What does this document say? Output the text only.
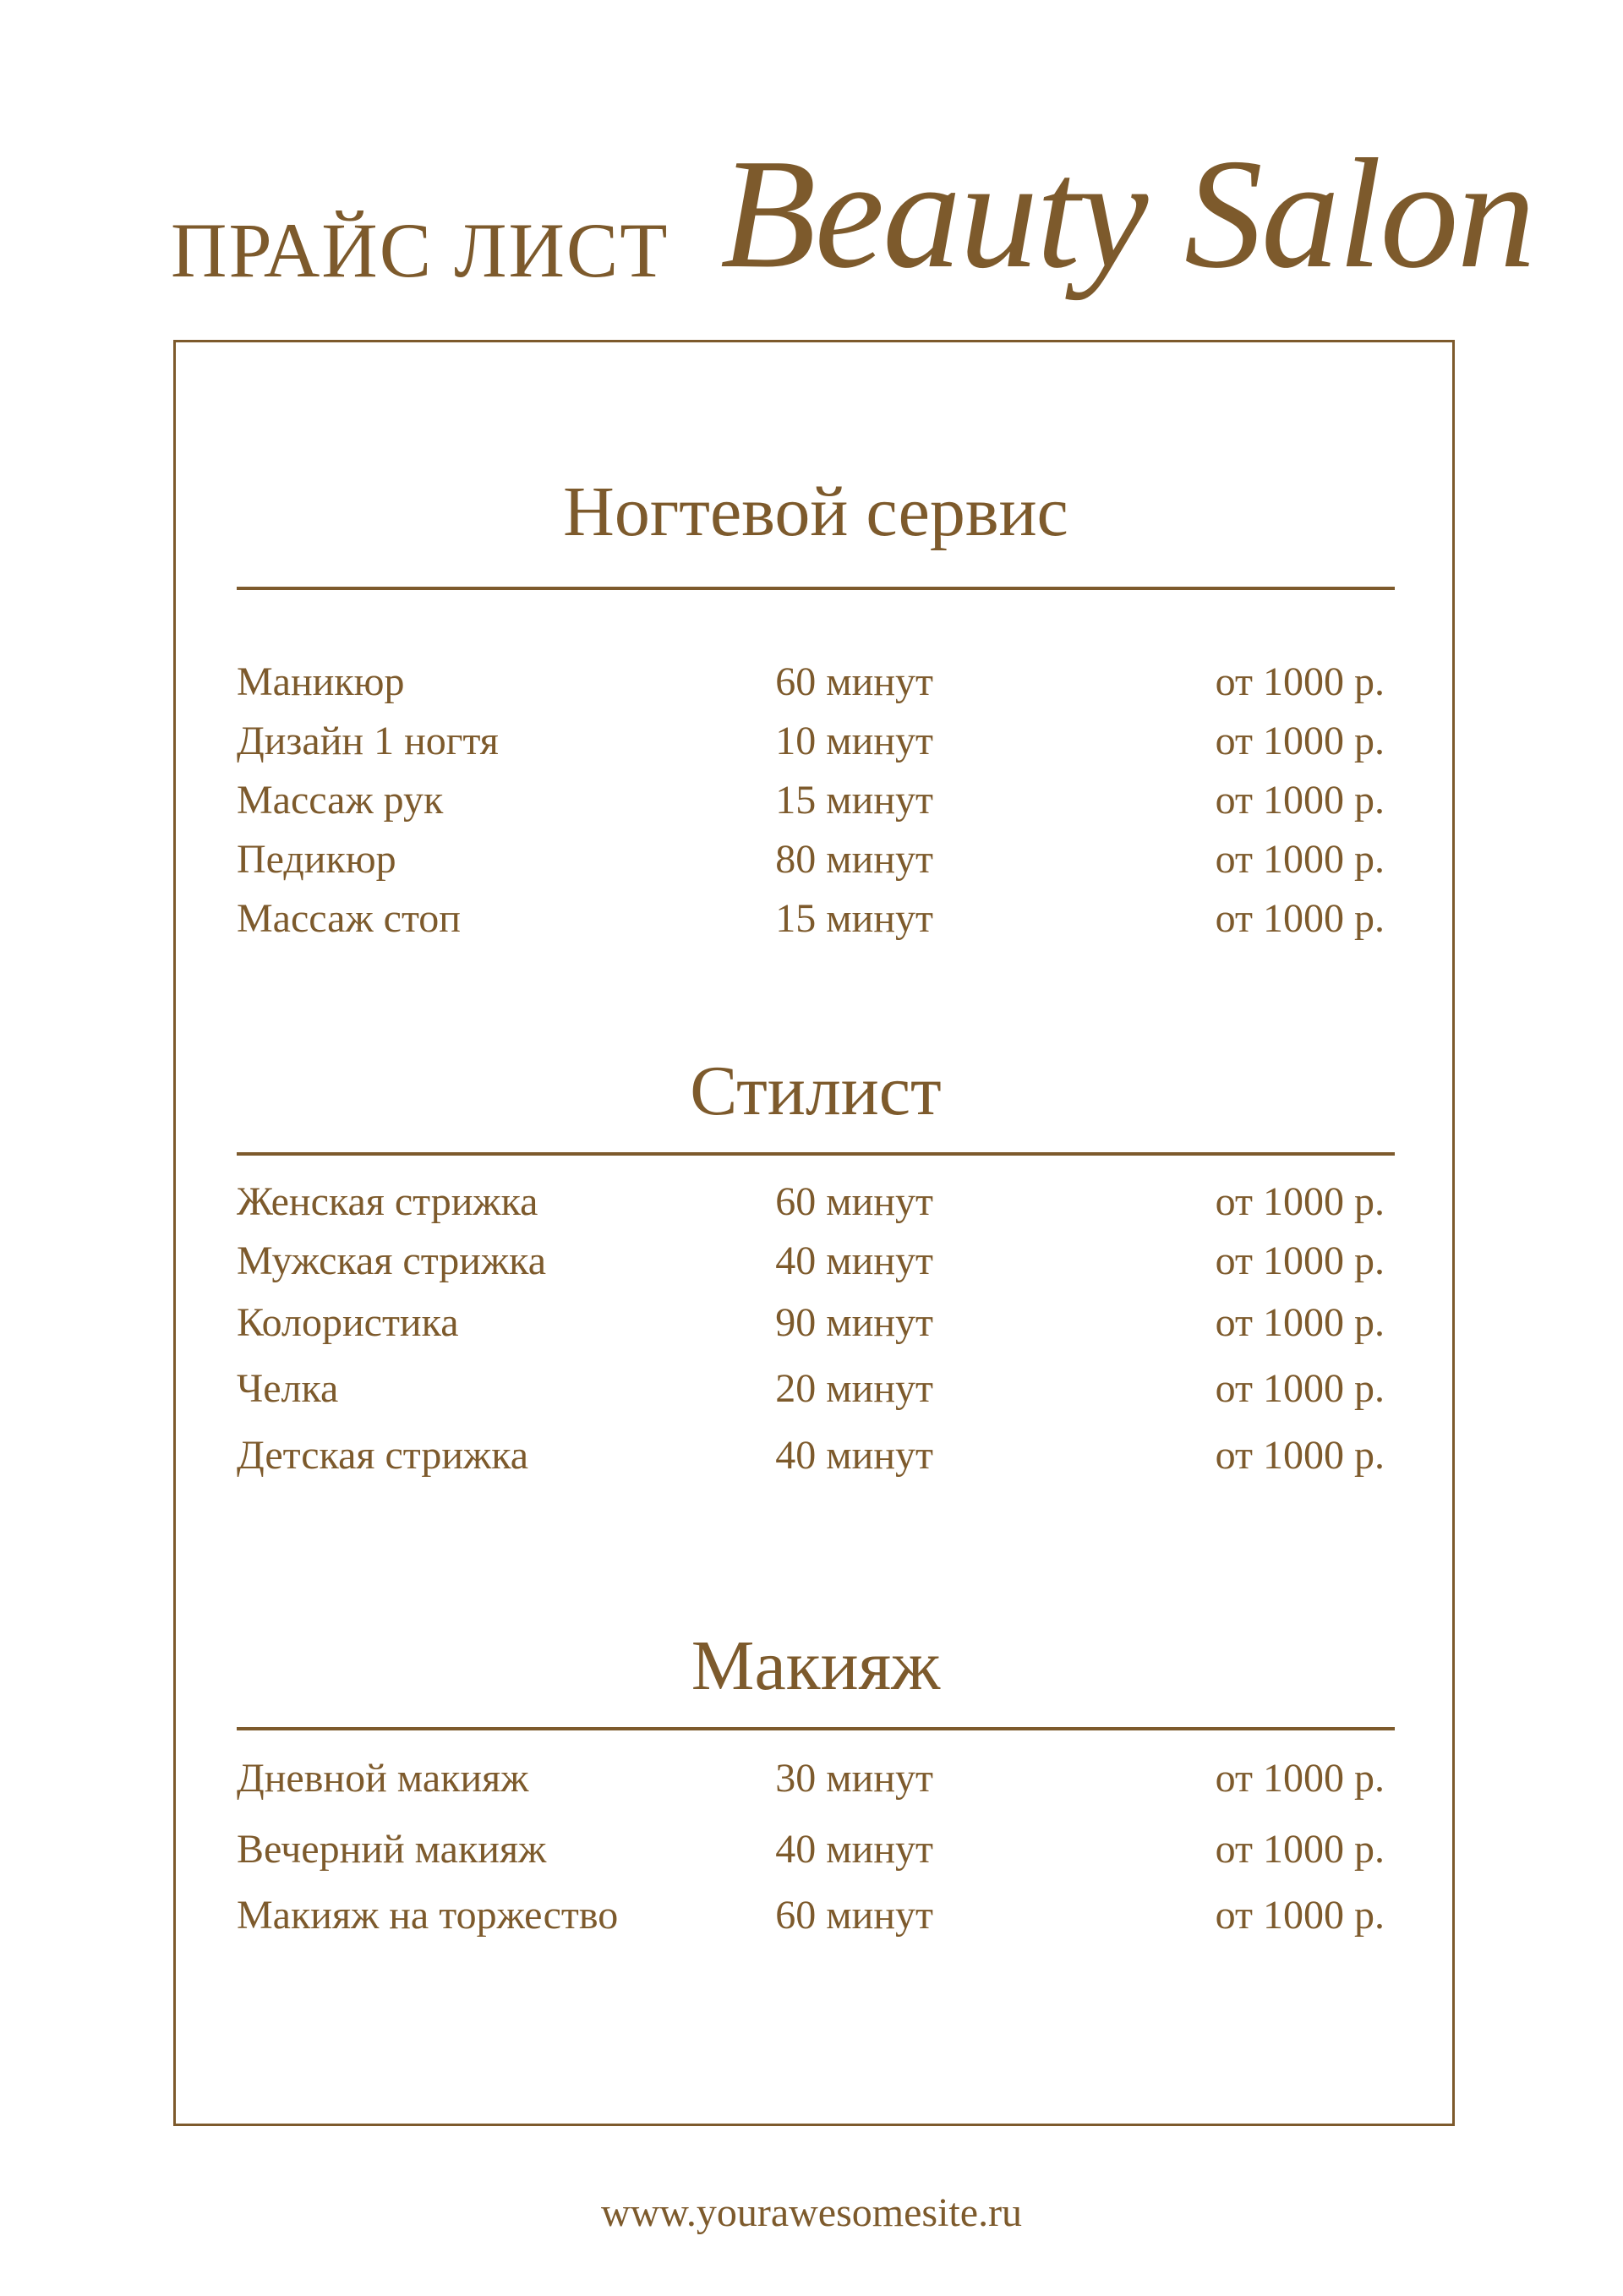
ПРАЙС ЛИСТ Beauty Salon
Ногтевой сервис
Маникюр	60 минут	от 1000 р.
Дизайн 1 ногтя	10 минут	от 1000 р.
Массаж рук	15 минут	от 1000 р.
Педикюр	80 минут	от 1000 р.
Массаж стоп	15 минут	от 1000 р.
Стилист
Женская стрижка	60 минут	от 1000 р.
Мужская стрижка	40 минут	от 1000 р.
Колористика	90 минут	от 1000 р.
Челка	20 минут	от 1000 р.
Детская стрижка	40 минут	от 1000 р.
Макияж
Дневной макияж	30 минут	от 1000 р.
Вечерний макияж	40 минут	от 1000 р.
Макияж на торжество	60 минут	от 1000 р.
www.yourawesomesite.ru
